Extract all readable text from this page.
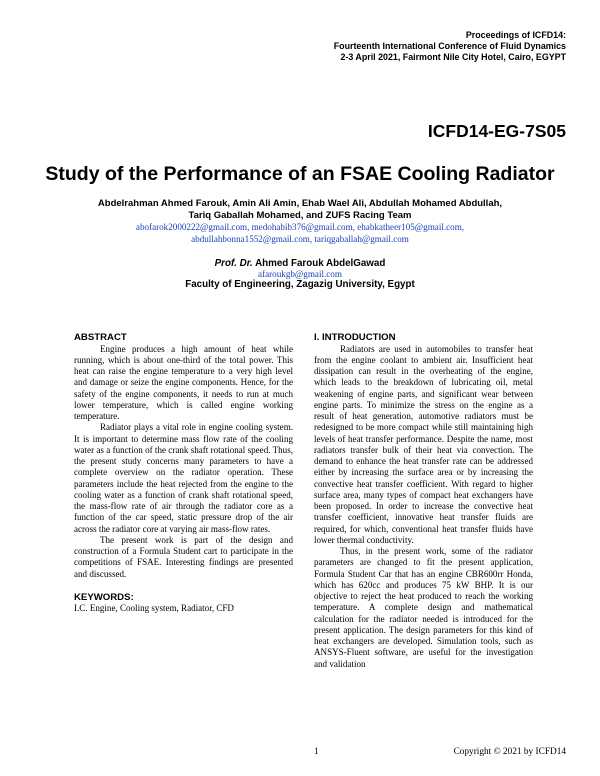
Proceedings of ICFD14:
Fourteenth International Conference of Fluid Dynamics
2-3 April 2021, Fairmont Nile City Hotel, Cairo, EGYPT
ICFD14-EG-7S05
Study of the Performance of an FSAE Cooling Radiator
Abdelrahman Ahmed Farouk, Amin Ali Amin, Ehab Wael Ali, Abdullah Mohamed Abdullah,
Tariq Gaballah Mohamed, and ZUFS Racing Team
abofarok2000222@gmail.com, medohabib376@gmail.com, ehabkatheer105@gmail.com,
abdullahbonna1552@gmail.com, tariqgaballah@gmail.com
Prof. Dr. Ahmed Farouk AbdelGawad
afaroukgb@gmail.com
Faculty of Engineering, Zagazig University, Egypt
ABSTRACT

Engine produces a high amount of heat while running, which is about one-third of the total power. This heat can raise the engine temperature to a very high level and damage or seize the engine components. Hence, for the safety of the engine components, it needs to run at much lower temperature, which is called engine working temperature.

Radiator plays a vital role in engine cooling system. It is important to determine mass flow rate of the cooling water as a function of the crank shaft rotational speed. Thus, the present study concerns many parameters to have a complete overview on the radiator operation. These parameters include the heat rejected from the engine to the cooling water as a function of crank shaft rotational speed, the mass-flow rate of air through the radiator core as a function of the car speed, static pressure drop of the air across the radiator core at varying air mass-flow rates.

The present work is part of the design and construction of a Formula Student cart to participate in the competitions of FSAE. Interesting findings are presented and discussed.

KEYWORDS:

I.C. Engine, Cooling system, Radiator, CFD

I. INTRODUCTION

Radiators are used in automobiles to transfer heat from the engine coolant to ambient air. Insufficient heat dissipation can result in the overheating of the engine, which leads to the breakdown of lubricating oil, metal weakening of engine parts, and significant wear between engine parts. To minimize the stress on the engine as a result of heat generation, automotive radiators must be redesigned to be more compact while still maintaining high levels of heat transfer performance. Despite the name, most radiators transfer bulk of their heat via convection. The demand to enhance the heat transfer rate can be addressed either by increasing the surface area or by increasing the convective heat transfer coefficient. With regard to higher surface area, many types of compact heat exchangers have been proposed. In order to increase the convective heat transfer coefficient, innovative heat transfer fluids are required, for which, conventional heat transfer fluids have lower thermal conductivity.

Thus, in the present work, some of the radiator parameters are changed to fit the present application, Formula Student Car that has an engine CBR600rr Honda, which has 620cc and produces 75 kW BHP. It is our objective to reject the heat produced to reach the working temperature. A complete design and mathematical calculation for the radiator needed is introduced for the present application. The design parameters for this kind of heat exchangers are developed. Simulation tools, such as ANSYS-Fluent software, are useful for the investigation and validation

1	Copyright © 2021 by ICFD14
